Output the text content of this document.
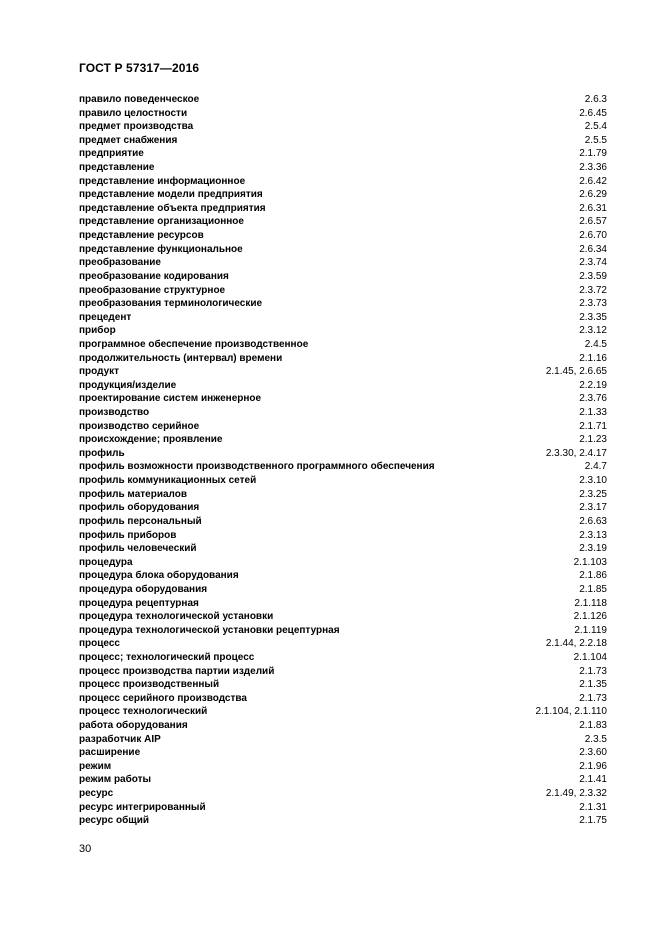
ГОСТ Р 57317—2016
правило поведенческое	2.6.3
правило целостности	2.6.45
предмет производства	2.5.4
предмет снабжения	2.5.5
предприятие	2.1.79
представление	2.3.36
представление информационное	2.6.42
представление модели предприятия	2.6.29
представление объекта предприятия	2.6.31
представление организационное	2.6.57
представление ресурсов	2.6.70
представление функциональное	2.6.34
преобразование	2.3.74
преобразование кодирования	2.3.59
преобразование структурное	2.3.72
преобразования терминологические	2.3.73
прецедент	2.3.35
прибор	2.3.12
программное обеспечение производственное	2.4.5
продолжительность (интервал) времени	2.1.16
продукт	2.1.45, 2.6.65
продукция/изделие	2.2.19
проектирование систем инженерное	2.3.76
производство	2.1.33
производство серийное	2.1.71
происхождение; проявление	2.1.23
профиль	2.3.30, 2.4.17
профиль возможности производственного программного обеспечения	2.4.7
профиль коммуникационных сетей	2.3.10
профиль материалов	2.3.25
профиль оборудования	2.3.17
профиль персональный	2.6.63
профиль приборов	2.3.13
профиль человеческий	2.3.19
процедура	2.1.103
процедура блока оборудования	2.1.86
процедура оборудования	2.1.85
процедура рецептурная	2.1.118
процедура технологической установки	2.1.126
процедура технологической установки рецептурная	2.1.119
процесс	2.1.44, 2.2.18
процесс; технологический процесс	2.1.104
процесс производства партии изделий	2.1.73
процесс производственный	2.1.35
процесс серийного производства	2.1.73
процесс технологический	2.1.104, 2.1.110
работа оборудования	2.1.83
разработчик AIP	2.3.5
расширение	2.3.60
режим	2.1.96
режим работы	2.1.41
ресурс	2.1.49, 2.3.32
ресурс интегрированный	2.1.31
ресурс общий	2.1.75
30
